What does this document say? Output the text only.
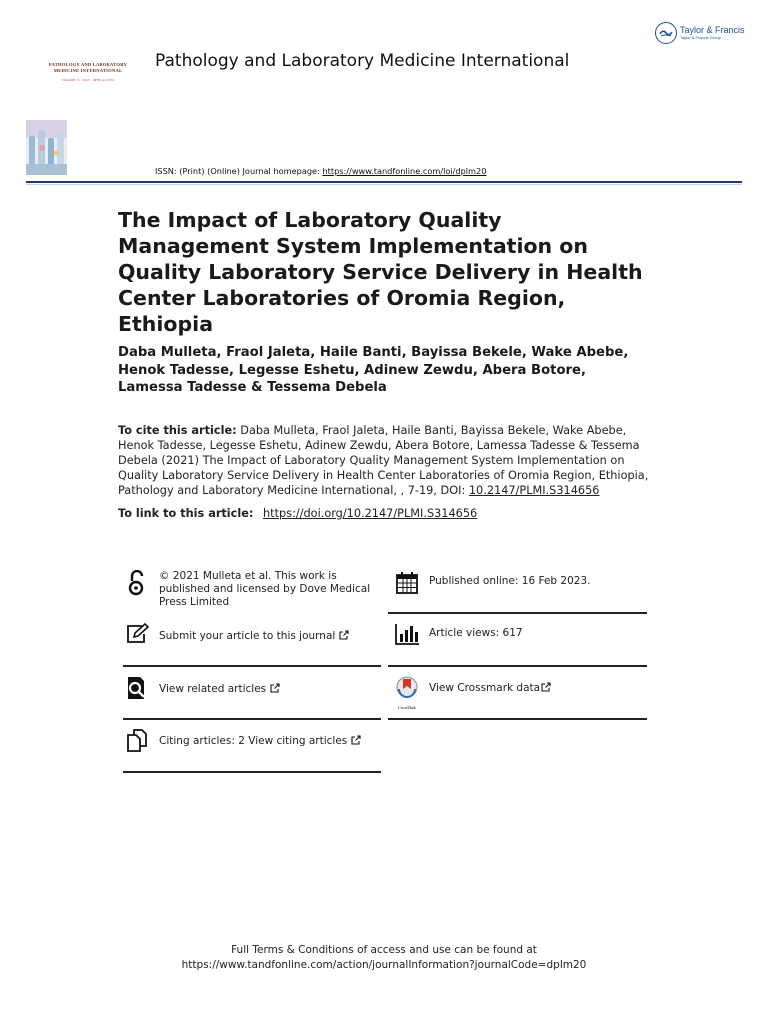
Taylor & Francis
Taylor & Francis Group
PATHOLOGY AND LABORATORY
MEDICINE INTERNATIONAL
VOLUME 15 · 2023 · OPEN ACCESS
Pathology and Laboratory Medicine International
ISSN: (Print) (Online) Journal homepage: https://www.tandfonline.com/loi/dplm20
The Impact of Laboratory Quality Management System Implementation on Quality Laboratory Service Delivery in Health Center Laboratories of Oromia Region, Ethiopia
Daba Mulleta, Fraol Jaleta, Haile Banti, Bayissa Bekele, Wake Abebe, Henok Tadesse, Legesse Eshetu, Adinew Zewdu, Abera Botore, Lamessa Tadesse & Tessema Debela
To cite this article: Daba Mulleta, Fraol Jaleta, Haile Banti, Bayissa Bekele, Wake Abebe, Henok Tadesse, Legesse Eshetu, Adinew Zewdu, Abera Botore, Lamessa Tadesse & Tessema Debela (2021) The Impact of Laboratory Quality Management System Implementation on Quality Laboratory Service Delivery in Health Center Laboratories of Oromia Region, Ethiopia, Pathology and Laboratory Medicine International, , 7-19, DOI: 10.2147/PLMI.S314656
To link to this article: https://doi.org/10.2147/PLMI.S314656
© 2021 Mulleta et al. This work is published and licensed by Dove Medical Press Limited
Published online: 16 Feb 2023.
Submit your article to this journal	Article views: 617
View related articles
CrossMark
View Crossmark data
Citing articles: 2 View citing articles
Full Terms & Conditions of access and use can be found at
https://www.tandfonline.com/action/journalInformation?journalCode=dplm20
